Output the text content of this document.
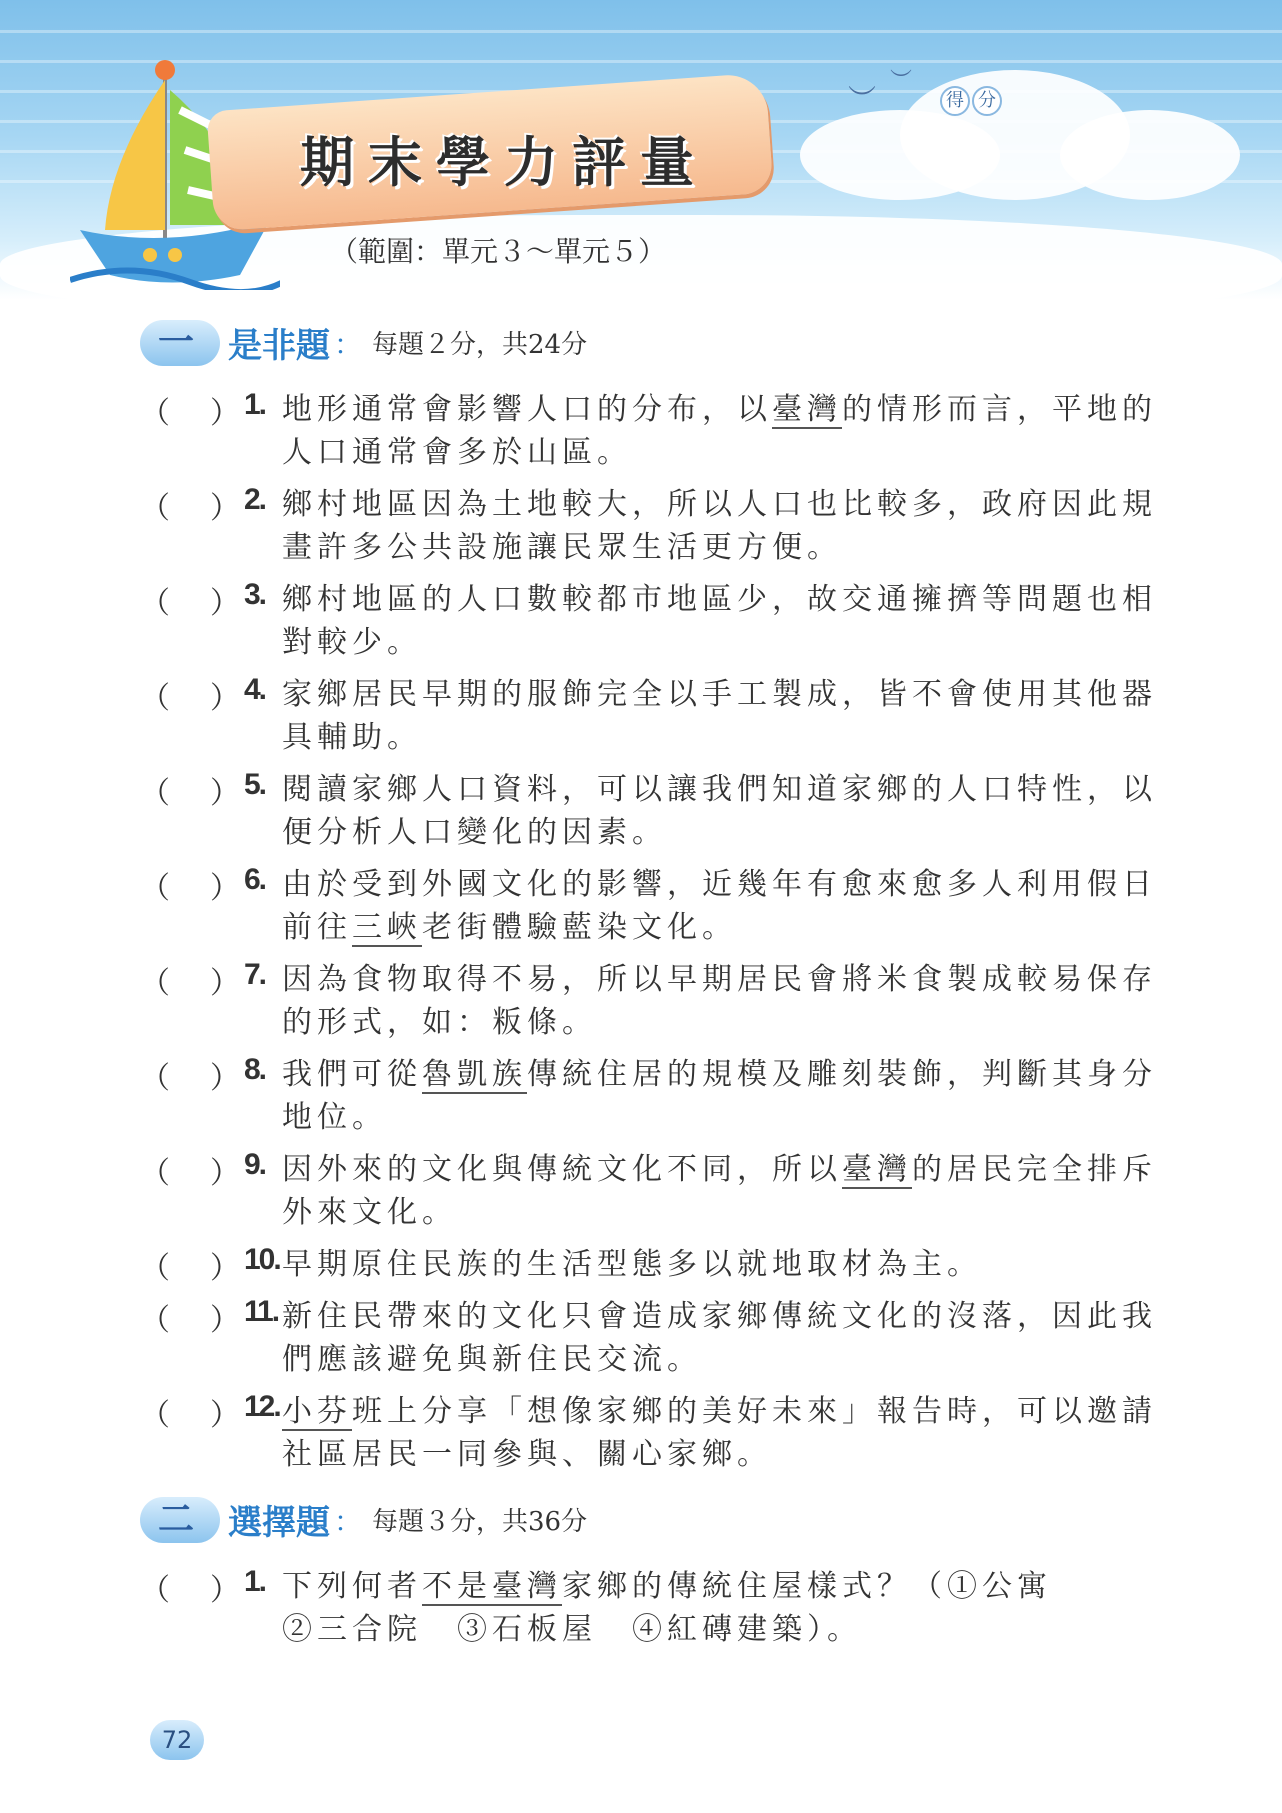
︶
︶
期末學力評量
（範圍：單元３～單元５）
得 分
一 是非題 ： 每題２分，共24分
（ ） 1. 地形通常會影響人口的分布，以臺灣的情形而言，平地的
人口通常會多於山區。
（ ） 2. 鄉村地區因為土地較大，所以人口也比較多，政府因此規
畫許多公共設施讓民眾生活更方便。
（ ） 3. 鄉村地區的人口數較都市地區少，故交通擁擠等問題也相
對較少。
（ ） 4. 家鄉居民早期的服飾完全以手工製成，皆不會使用其他器
具輔助。
（ ） 5. 閱讀家鄉人口資料，可以讓我們知道家鄉的人口特性，以
便分析人口變化的因素。
（ ） 6. 由於受到外國文化的影響，近幾年有愈來愈多人利用假日
前往三峽老街體驗藍染文化。
（ ） 7. 因為食物取得不易，所以早期居民會將米食製成較易保存
的形式，如：粄條。
（ ） 8. 我們可從魯凱族傳統住居的規模及雕刻裝飾，判斷其身分
地位。
（ ） 9. 因外來的文化與傳統文化不同，所以臺灣的居民完全排斥
外來文化。
（ ） 10. 早期原住民族的生活型態多以就地取材為主。
（ ） 11. 新住民帶來的文化只會造成家鄉傳統文化的沒落，因此我
們應該避免與新住民交流。
（ ） 12. 小芬班上分享「想像家鄉的美好未來」報告時，可以邀請
社區居民一同參與、關心家鄉。
二 選擇題 ： 每題３分，共36分
（ ） 1. 下列何者不是臺灣家鄉的傳統住屋樣式？（①公寓
②三合院　③石板屋　④紅磚建築）。
72
